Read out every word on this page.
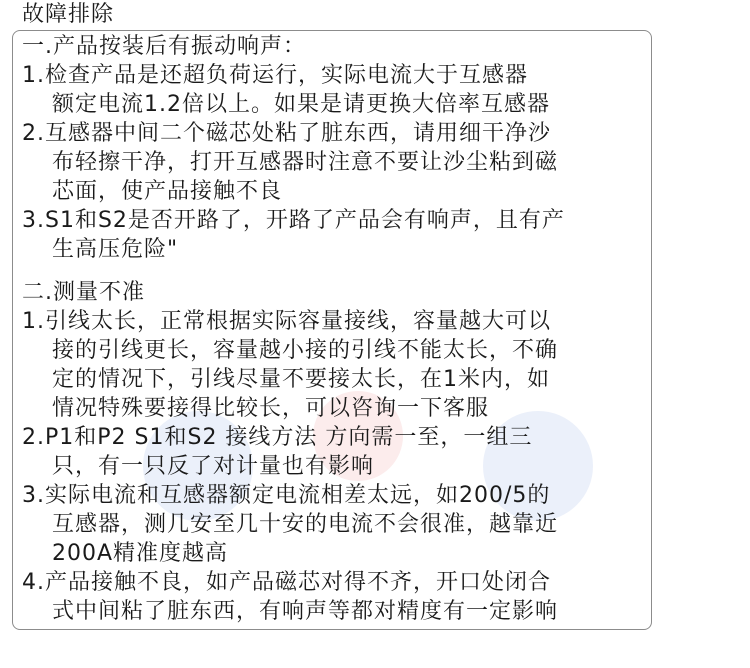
故障排除
一.产品按装后有振动响声：
1.检查产品是还超负荷运行，实际电流大于互感器
额定电流1.2倍以上。如果是请更换大倍率互感器
2.互感器中间二个磁芯处粘了脏东西，请用细干净沙
布轻擦干净，打开互感器时注意不要让沙尘粘到磁
芯面，使产品接触不良
3.S1和S2是否开路了，开路了产品会有响声，且有产
生高压危险"
二.测量不准
1.引线太长，正常根据实际容量接线，容量越大可以
接的引线更长，容量越小接的引线不能太长，不确
定的情况下，引线尽量不要接太长，在1米内，如
情况特殊要接得比较长，可以咨询一下客服
2.P1和P2 S1和S2 接线方法 方向需一至，一组三
只，有一只反了对计量也有影响
3.实际电流和互感器额定电流相差太远，如200/5的
互感器，测几安至几十安的电流不会很准，越靠近
200A精准度越高
4.产品接触不良，如产品磁芯对得不齐，开口处闭合
式中间粘了脏东西，有响声等都对精度有一定影响
